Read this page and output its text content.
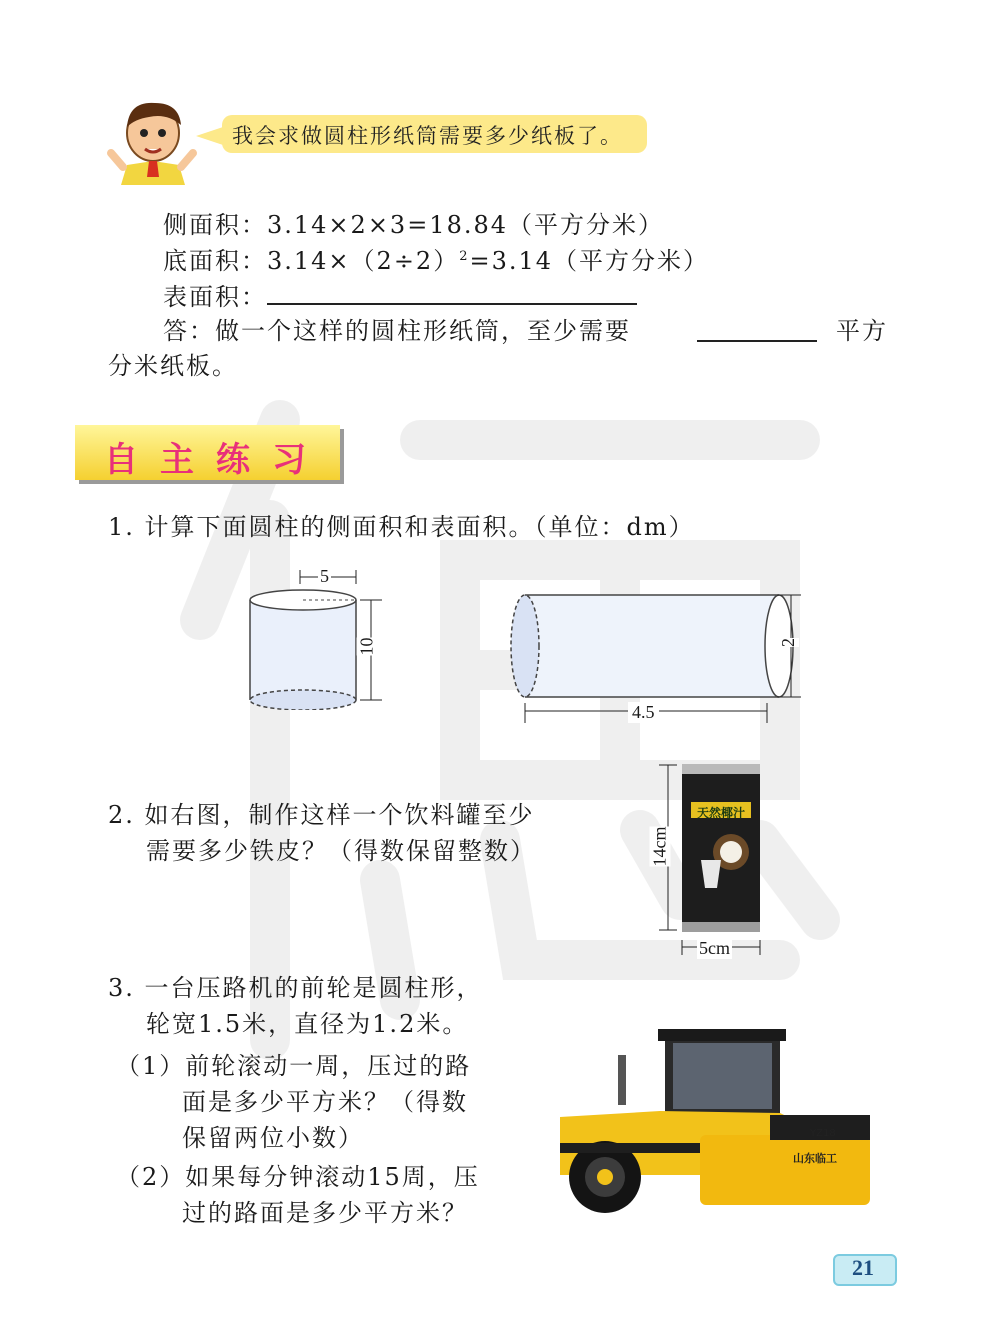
我会求做圆柱形纸筒需要多少纸板了。
侧面积：3.14×2×3=18.84（平方分米）
底面积：$3.14\times(2\div 2)^2=3.14$（平方分米）
表面积：
答：做一个这样的圆柱形纸筒，至少需要	平方
分米纸板。
自主练习
1. 计算下面圆柱的侧面积和表面积。（单位：dm）
5
10
4.5
2
2. 如右图，制作这样一个饮料罐至少
需要多少铁皮？（得数保留整数）
天然椰汁
14cm
5cm
3. 一台压路机的前轮是圆柱形，
轮宽1.5米，直径为1.2米。
（1）前轮滚动一周，压过的路
面是多少平方米？（得数
保留两位小数）
（2）如果每分钟滚动15周，压
过的路面是多少平方米？
山东临工
YZ18
21
